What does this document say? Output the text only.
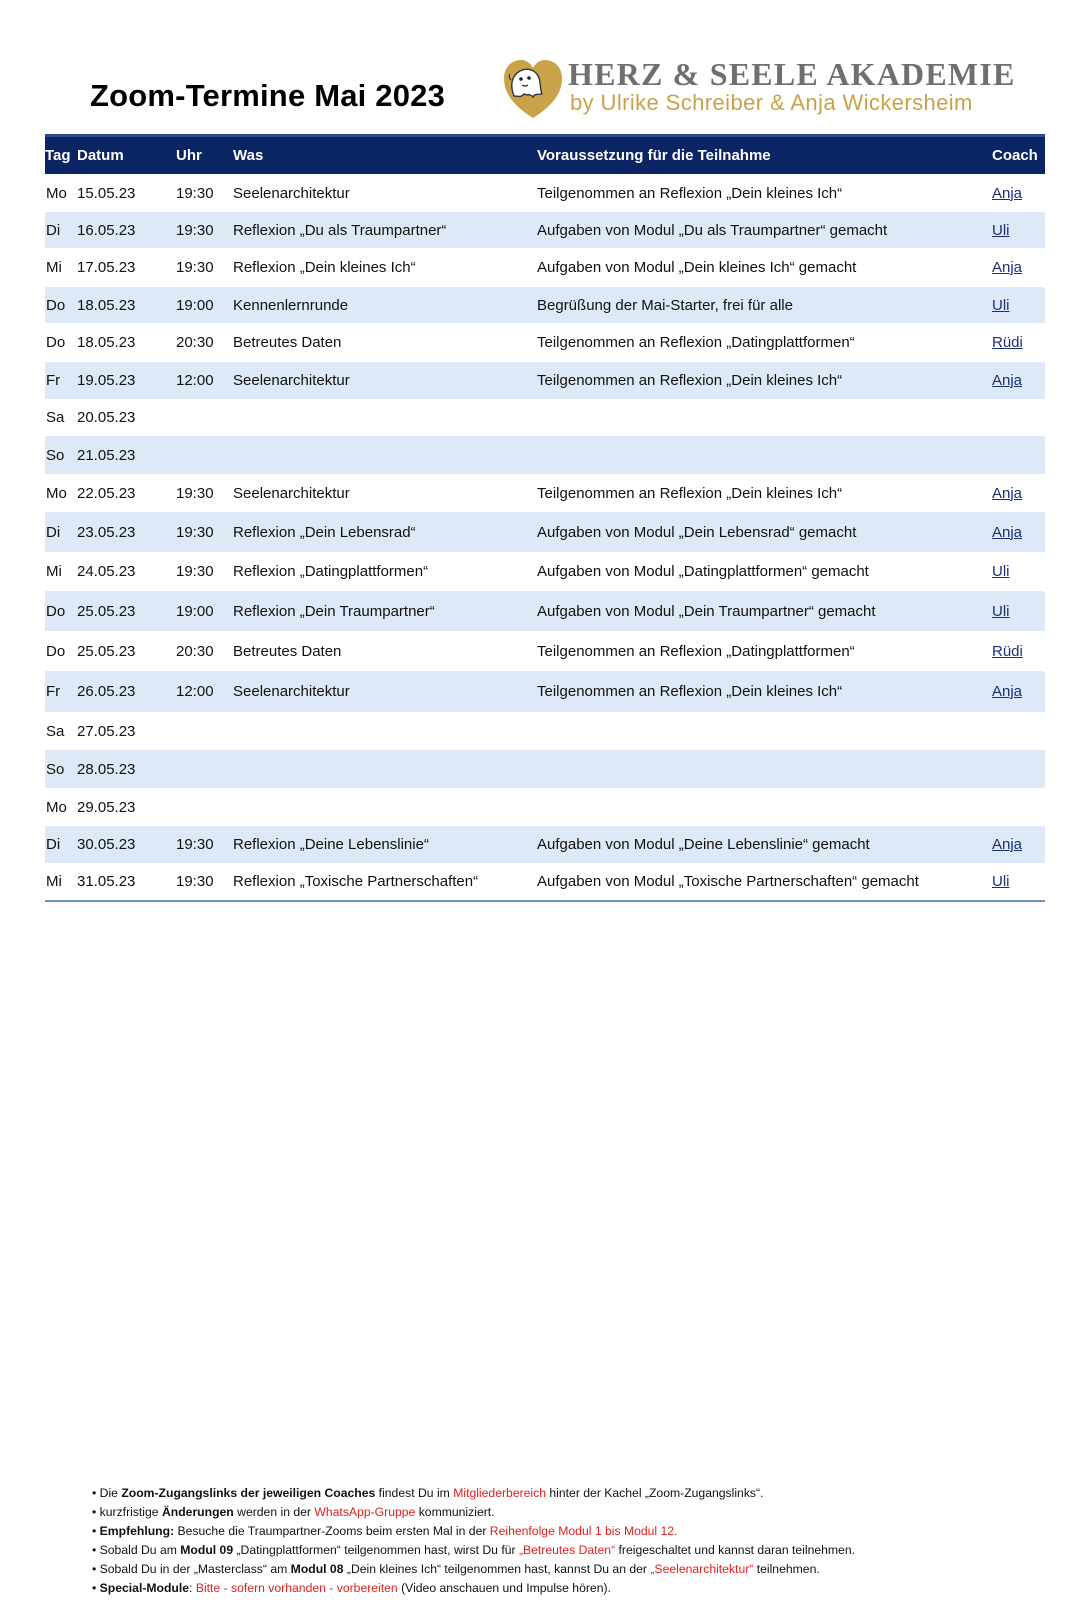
Zoom-Termine Mai 2023
HERZ & SEELE AKADEMIE
by Ulrike Schreiber & Anja Wickersheim
Tag Datum	Uhr	Was	Voraussetzung für die Teilnahme	Coach
Mo 15.05.23	19:30	Seelenarchitektur	Teilgenommen an Reflexion „Dein kleines Ich“	Anja
Di	16.05.23	19:30	Reflexion „Du als Traumpartner“	Aufgaben von Modul „Du als Traumpartner“ gemacht	Uli
Mi	17.05.23	19:30	Reflexion „Dein kleines Ich“	Aufgaben von Modul „Dein kleines Ich“ gemacht	Anja
Do 18.05.23	19:00	Kennenlernrunde	Begrüßung der Mai-Starter, frei für alle	Uli
Do 18.05.23	20:30	Betreutes Daten	Teilgenommen an Reflexion „Datingplattformen“	Rüdi
Fr	19.05.23	12:00	Seelenarchitektur	Teilgenommen an Reflexion „Dein kleines Ich“	Anja
Sa 20.05.23
So 21.05.23
Mo 22.05.23	19:30	Seelenarchitektur	Teilgenommen an Reflexion „Dein kleines Ich“	Anja
Di	23.05.23	19:30	Reflexion „Dein Lebensrad“	Aufgaben von Modul „Dein Lebensrad“ gemacht	Anja
Mi	24.05.23	19:30	Reflexion „Datingplattformen“	Aufgaben von Modul „Datingplattformen“ gemacht	Uli
Do 25.05.23	19:00	Reflexion „Dein Traumpartner“	Aufgaben von Modul „Dein Traumpartner“ gemacht	Uli
Do 25.05.23	20:30	Betreutes Daten	Teilgenommen an Reflexion „Datingplattformen“	Rüdi
Fr	26.05.23	12:00	Seelenarchitektur	Teilgenommen an Reflexion „Dein kleines Ich“	Anja
Sa 27.05.23
So 28.05.23
Mo 29.05.23
Di	30.05.23	19:30	Reflexion „Deine Lebenslinie“	Aufgaben von Modul „Deine Lebenslinie“ gemacht	Anja
Mi	31.05.23	19:30	Reflexion „Toxische Partnerschaften“	Aufgaben von Modul „Toxische Partnerschaften“ gemacht	Uli
• Die Zoom-Zugangslinks der jeweiligen Coaches findest Du im Mitgliederbereich hinter der Kachel „Zoom-Zugangslinks“.
• kurzfristige Änderungen werden in der WhatsApp-Gruppe kommuniziert.
• Empfehlung: Besuche die Traumpartner-Zooms beim ersten Mal in der Reihenfolge Modul 1 bis Modul 12.
• Sobald Du am Modul 09 „Datingplattformen“ teilgenommen hast, wirst Du für „Betreutes Daten“ freigeschaltet und kannst daran teilnehmen.
• Sobald Du in der „Masterclass“ am Modul 08 „Dein kleines Ich“ teilgenommen hast, kannst Du an der „Seelenarchitektur“ teilnehmen.
• Special-Module: Bitte - sofern vorhanden - vorbereiten (Video anschauen und Impulse hören).
